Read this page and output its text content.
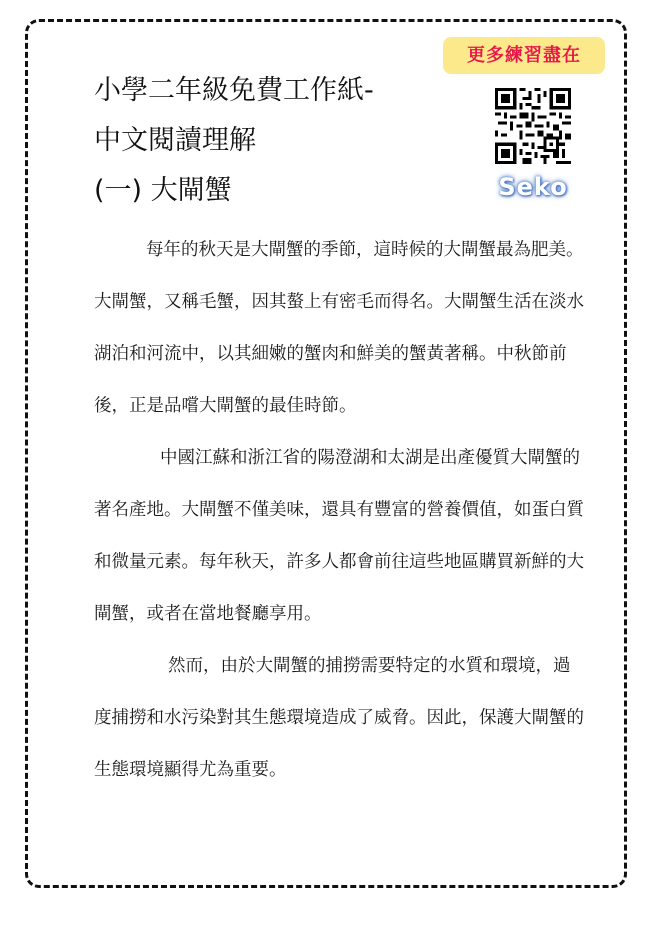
小學二年級免費工作紙-
中文閱讀理解
(一) 大閘蟹
更多練習盡在
Seko

每年的秋天是大閘蟹的季節，這時候的大閘蟹最為肥美。大閘蟹，又稱毛蟹，因其螯上有密毛而得名。大閘蟹生活在淡水湖泊和河流中，以其細嫩的蟹肉和鮮美的蟹黃著稱。中秋節前後，正是品嚐大閘蟹的最佳時節。

中國江蘇和浙江省的陽澄湖和太湖是出產優質大閘蟹的著名產地。大閘蟹不僅美味，還具有豐富的營養價值，如蛋白質和微量元素。每年秋天，許多人都會前往這些地區購買新鮮的大閘蟹，或者在當地餐廳享用。

然而，由於大閘蟹的捕撈需要特定的水質和環境，過度捕撈和水污染對其生態環境造成了威脅。因此，保護大閘蟹的生態環境顯得尤為重要。
